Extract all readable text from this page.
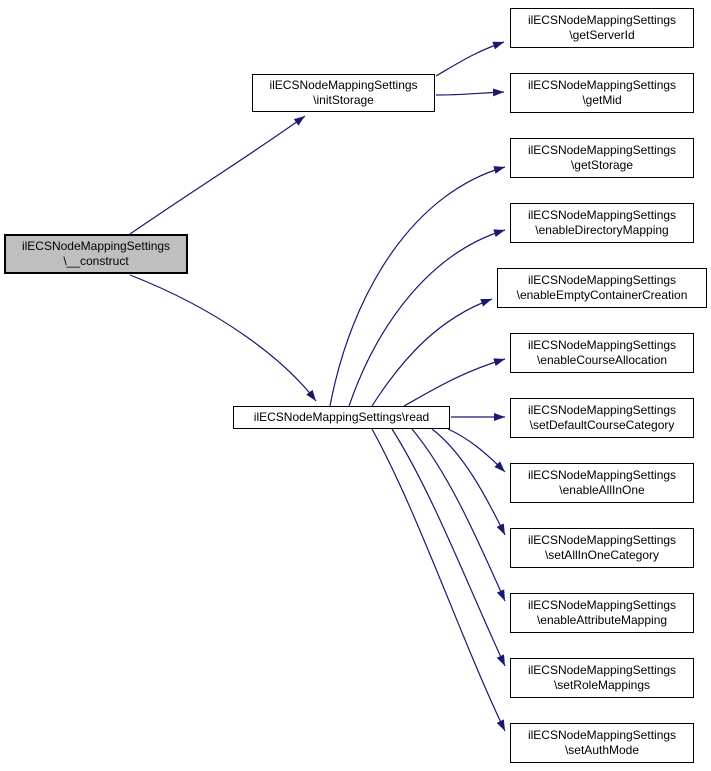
ilECSNodeMappingSettings
\__construct
ilECSNodeMappingSettings
\initStorage
ilECSNodeMappingSettings\read
ilECSNodeMappingSettings
\getServerId
ilECSNodeMappingSettings
\getMid
ilECSNodeMappingSettings
\getStorage
ilECSNodeMappingSettings
\enableDirectoryMapping
ilECSNodeMappingSettings
\enableEmptyContainerCreation
ilECSNodeMappingSettings
\enableCourseAllocation
ilECSNodeMappingSettings
\setDefaultCourseCategory
ilECSNodeMappingSettings
\enableAllInOne
ilECSNodeMappingSettings
\setAllInOneCategory
ilECSNodeMappingSettings
\enableAttributeMapping
ilECSNodeMappingSettings
\setRoleMappings
ilECSNodeMappingSettings
\setAuthMode
